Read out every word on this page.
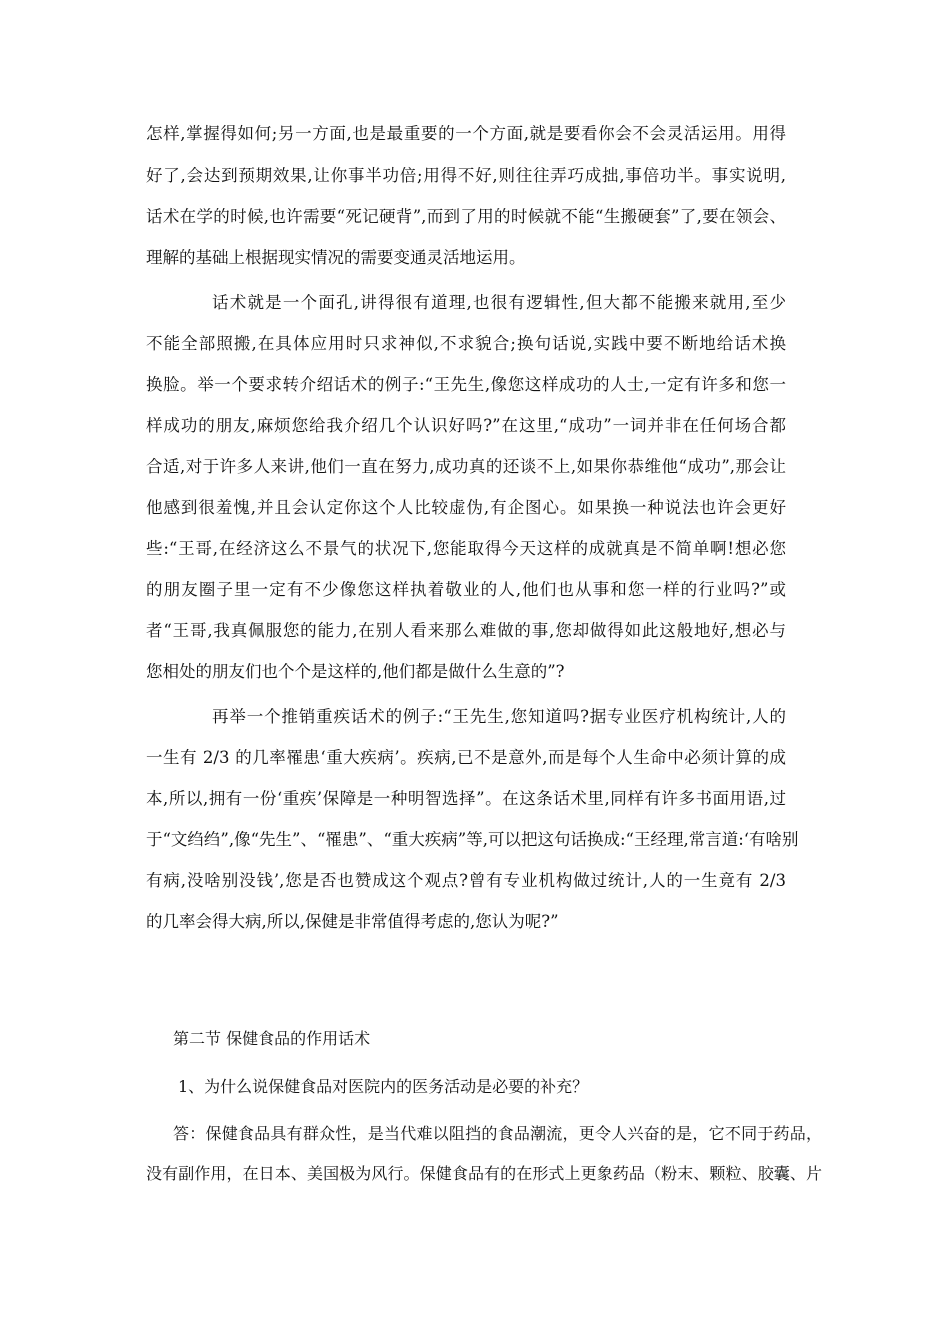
怎样,掌握得如何;另一方面,也是最重要的一个方面,就是要看你会不会灵活运用。用得
好了,会达到预期效果,让你事半功倍;用得不好,则往往弄巧成拙,事倍功半。事实说明,
话术在学的时候,也许需要“死记硬背”,而到了用的时候就不能“生搬硬套”了,要在领会、
理解的基础上根据现实情况的需要变通灵活地运用。
话术就是一个面孔,讲得很有道理,也很有逻辑性,但大都不能搬来就用,至少
不能全部照搬,在具体应用时只求神似,不求貌合;换句话说,实践中要不断地给话术换
换脸。举一个要求转介绍话术的例子:“王先生,像您这样成功的人士,一定有许多和您一
样成功的朋友,麻烦您给我介绍几个认识好吗?”在这里,“成功”一词并非在任何场合都
合适,对于许多人来讲,他们一直在努力,成功真的还谈不上,如果你恭维他“成功”,那会让
他感到很羞愧,并且会认定你这个人比较虚伪,有企图心。如果换一种说法也许会更好
些:“王哥,在经济这么不景气的状况下,您能取得今天这样的成就真是不简单啊!想必您
的朋友圈子里一定有不少像您这样执着敬业的人,他们也从事和您一样的行业吗?”或
者“王哥,我真佩服您的能力,在别人看来那么难做的事,您却做得如此这般地好,想必与
您相处的朋友们也个个是这样的,他们都是做什么生意的”?
再举一个推销重疾话术的例子:“王先生,您知道吗?据专业医疗机构统计,人的
一生有 2/3 的几率罹患‘重大疾病’。疾病,已不是意外,而是每个人生命中必须计算的成
本,所以,拥有一份‘重疾’保障是一种明智选择”。在这条话术里,同样有许多书面用语,过
于“文绉绉”,像“先生”、“罹患”、“重大疾病”等,可以把这句话换成:“王经理,常言道:‘有啥别
有病,没啥别没钱’,您是否也赞成这个观点?曾有专业机构做过统计,人的一生竟有 2/3
的几率会得大病,所以,保健是非常值得考虑的,您认为呢?”
第二节 保健食品的作用话术
1、为什么说保健食品对医院内的医务活动是必要的补充？
答：保健食品具有群众性，是当代难以阻挡的食品潮流，更令人兴奋的是，它不同于药品，
没有副作用，在日本、美国极为风行。保健食品有的在形式上更象药品（粉末、颗粒、胶囊、片
